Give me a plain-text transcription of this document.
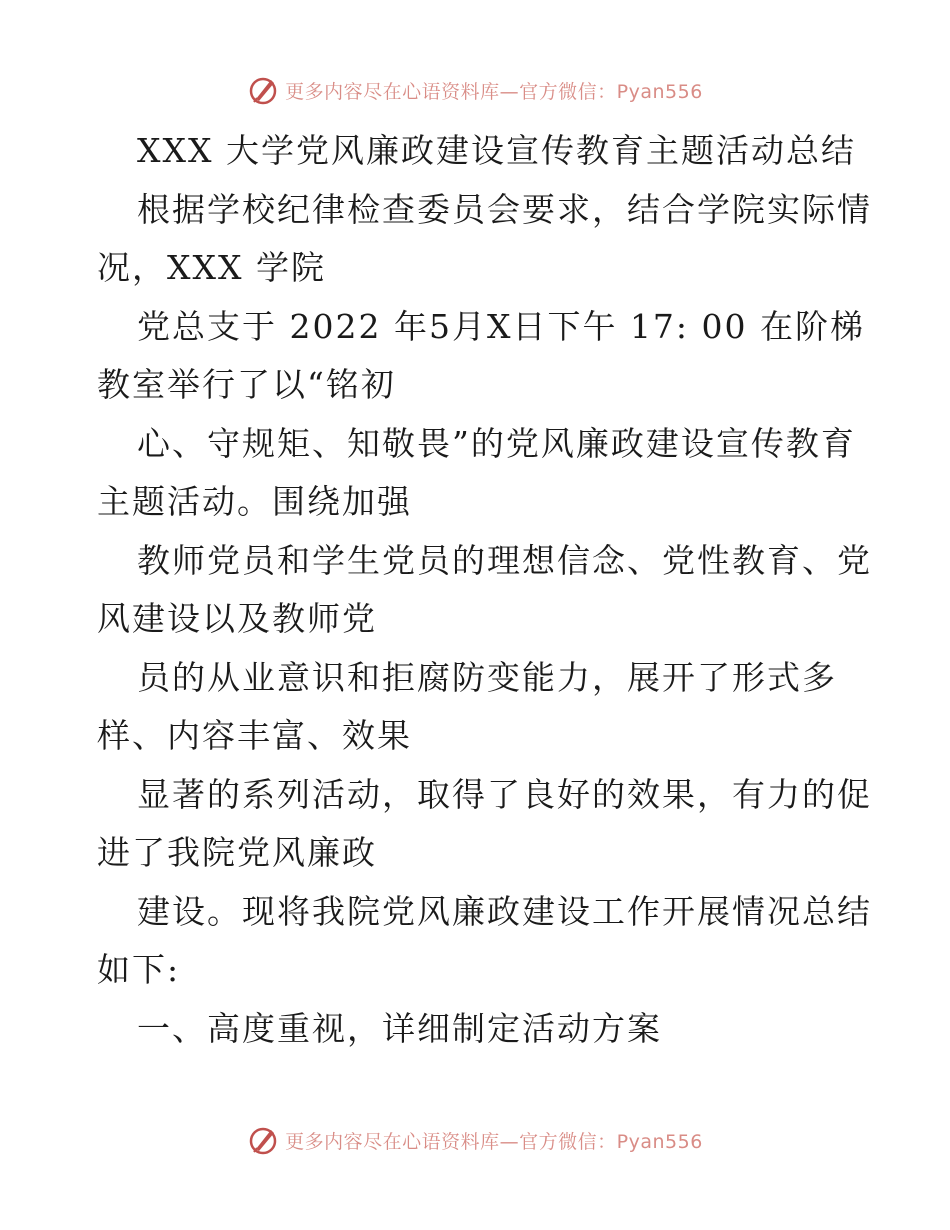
更多内容尽在心语资料库—官方微信：Pyan556
XXX 大学党风廉政建设宣传教育主题活动总结
根据学校纪律检查委员会要求，结合学院实际情
况，XXX 学院
党总支于 2022 年5月X日下午 17: 00 在阶梯
教室举行了以“铭初
心、守规矩、知敬畏”的党风廉政建设宣传教育
主题活动。围绕加强
教师党员和学生党员的理想信念、党性教育、党
风建设以及教师党
员的从业意识和拒腐防变能力，展开了形式多
样、内容丰富、效果
显著的系列活动，取得了良好的效果，有力的促
进了我院党风廉政
建设。现将我院党风廉政建设工作开展情况总结
如下:
一、高度重视，详细制定活动方案
更多内容尽在心语资料库—官方微信：Pyan556
